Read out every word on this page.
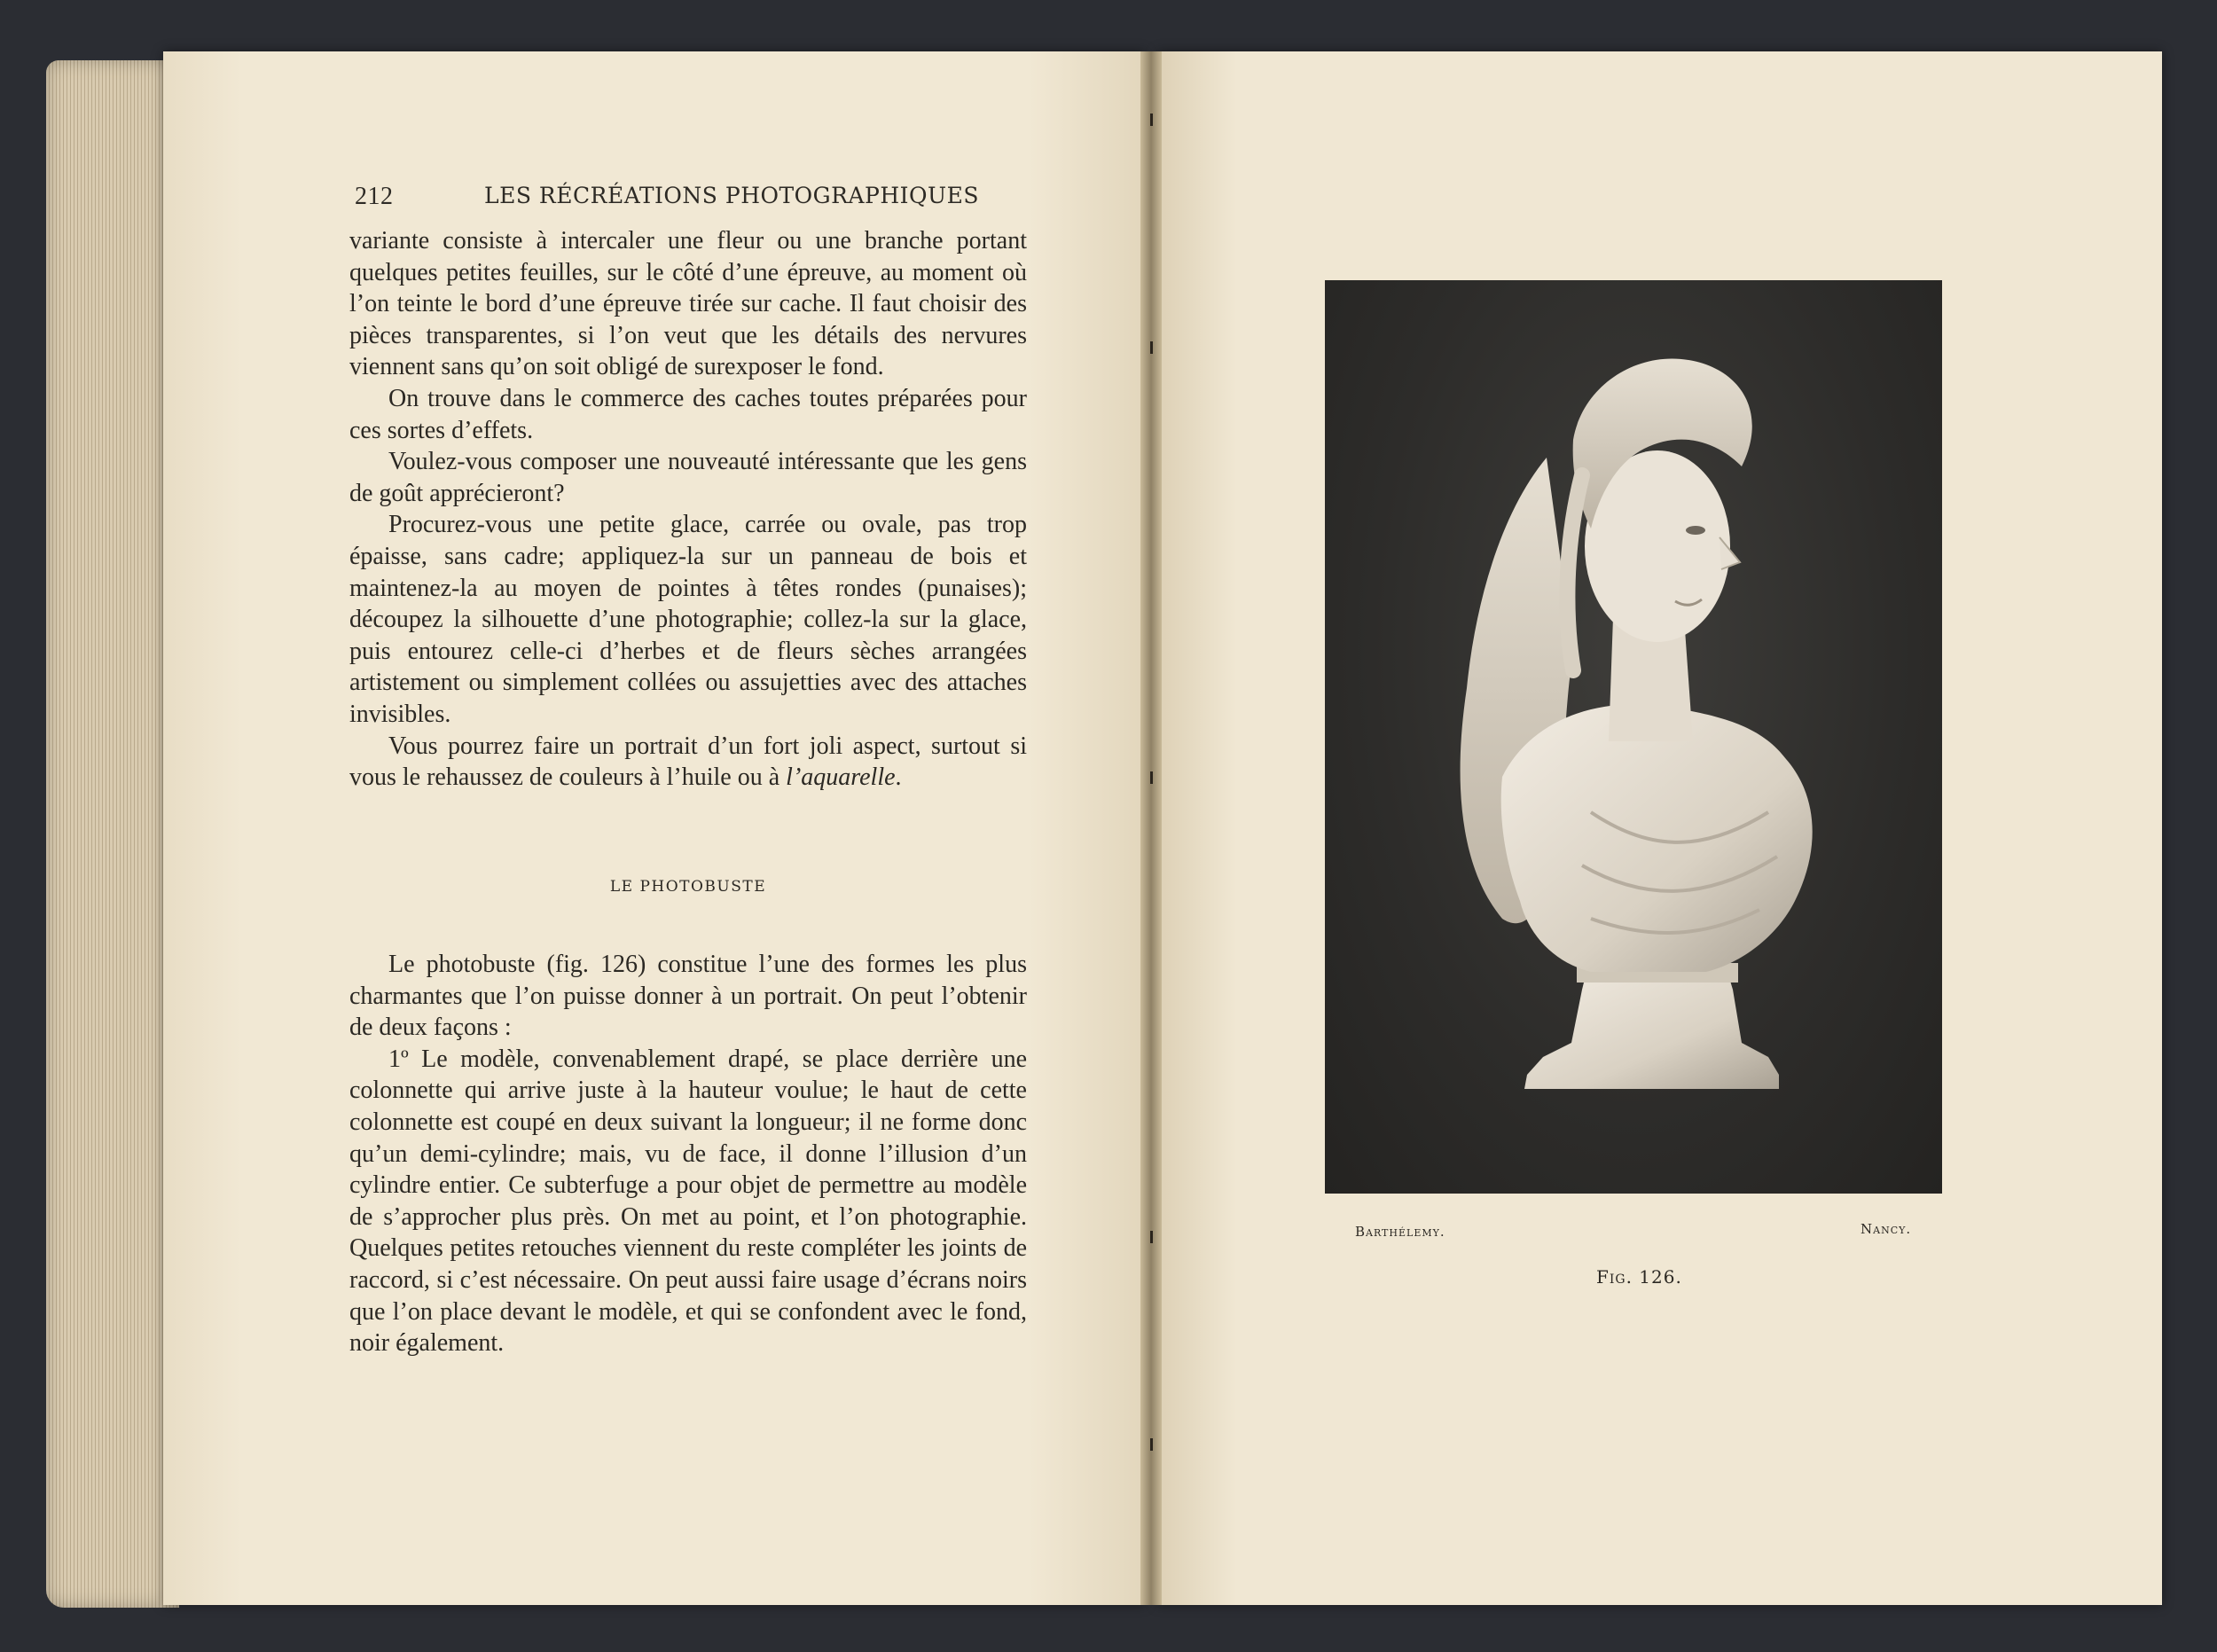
212	LES RÉCRÉATIONS PHOTOGRAPHIQUES

variante consiste à intercaler une fleur ou une branche portant quelques petites feuilles, sur le côté d’une épreuve, au moment où l’on teinte le bord d’une épreuve tirée sur cache. Il faut choisir des pièces transparentes, si l’on veut que les détails des nervures viennent sans qu’on soit obligé de surexposer le fond.

On trouve dans le commerce des caches toutes préparées pour ces sortes d’effets.

Voulez-vous composer une nouveauté intéressante que les gens de goût apprécieront?

Procurez-vous une petite glace, carrée ou ovale, pas trop épaisse, sans cadre; appliquez-la sur un panneau de bois et maintenez-la au moyen de pointes à têtes rondes (punaises); découpez la silhouette d’une photographie; collez-la sur la glace, puis entourez celle-ci d’herbes et de fleurs sèches arrangées artistement ou simplement collées ou assujetties avec des attaches invisibles.

Vous pourrez faire un portrait d’un fort joli aspect, surtout si vous le rehaussez de couleurs à l’huile ou à l’aquarelle.

LE PHOTOBUSTE

Le photobuste (fig. 126) constitue l’une des formes les plus charmantes que l’on puisse donner à un portrait. On peut l’obtenir de deux façons :

1º Le modèle, convenablement drapé, se place derrière une colonnette qui arrive juste à la hauteur voulue; le haut de cette colonnette est coupé en deux suivant la longueur; il ne forme donc qu’un demi-cylindre; mais, vu de face, il donne l’illusion d’un cylindre entier. Ce subterfuge a pour objet de permettre au modèle de s’approcher plus près. On met au point, et l’on photographie. Quelques petites retouches viennent du reste compléter les joints de raccord, si c’est nécessaire. On peut aussi faire usage d’écrans noirs que l’on place devant le modèle, et qui se confondent avec le fond, noir également.

Barthélemy.	Nancy.
Fig. 126.
